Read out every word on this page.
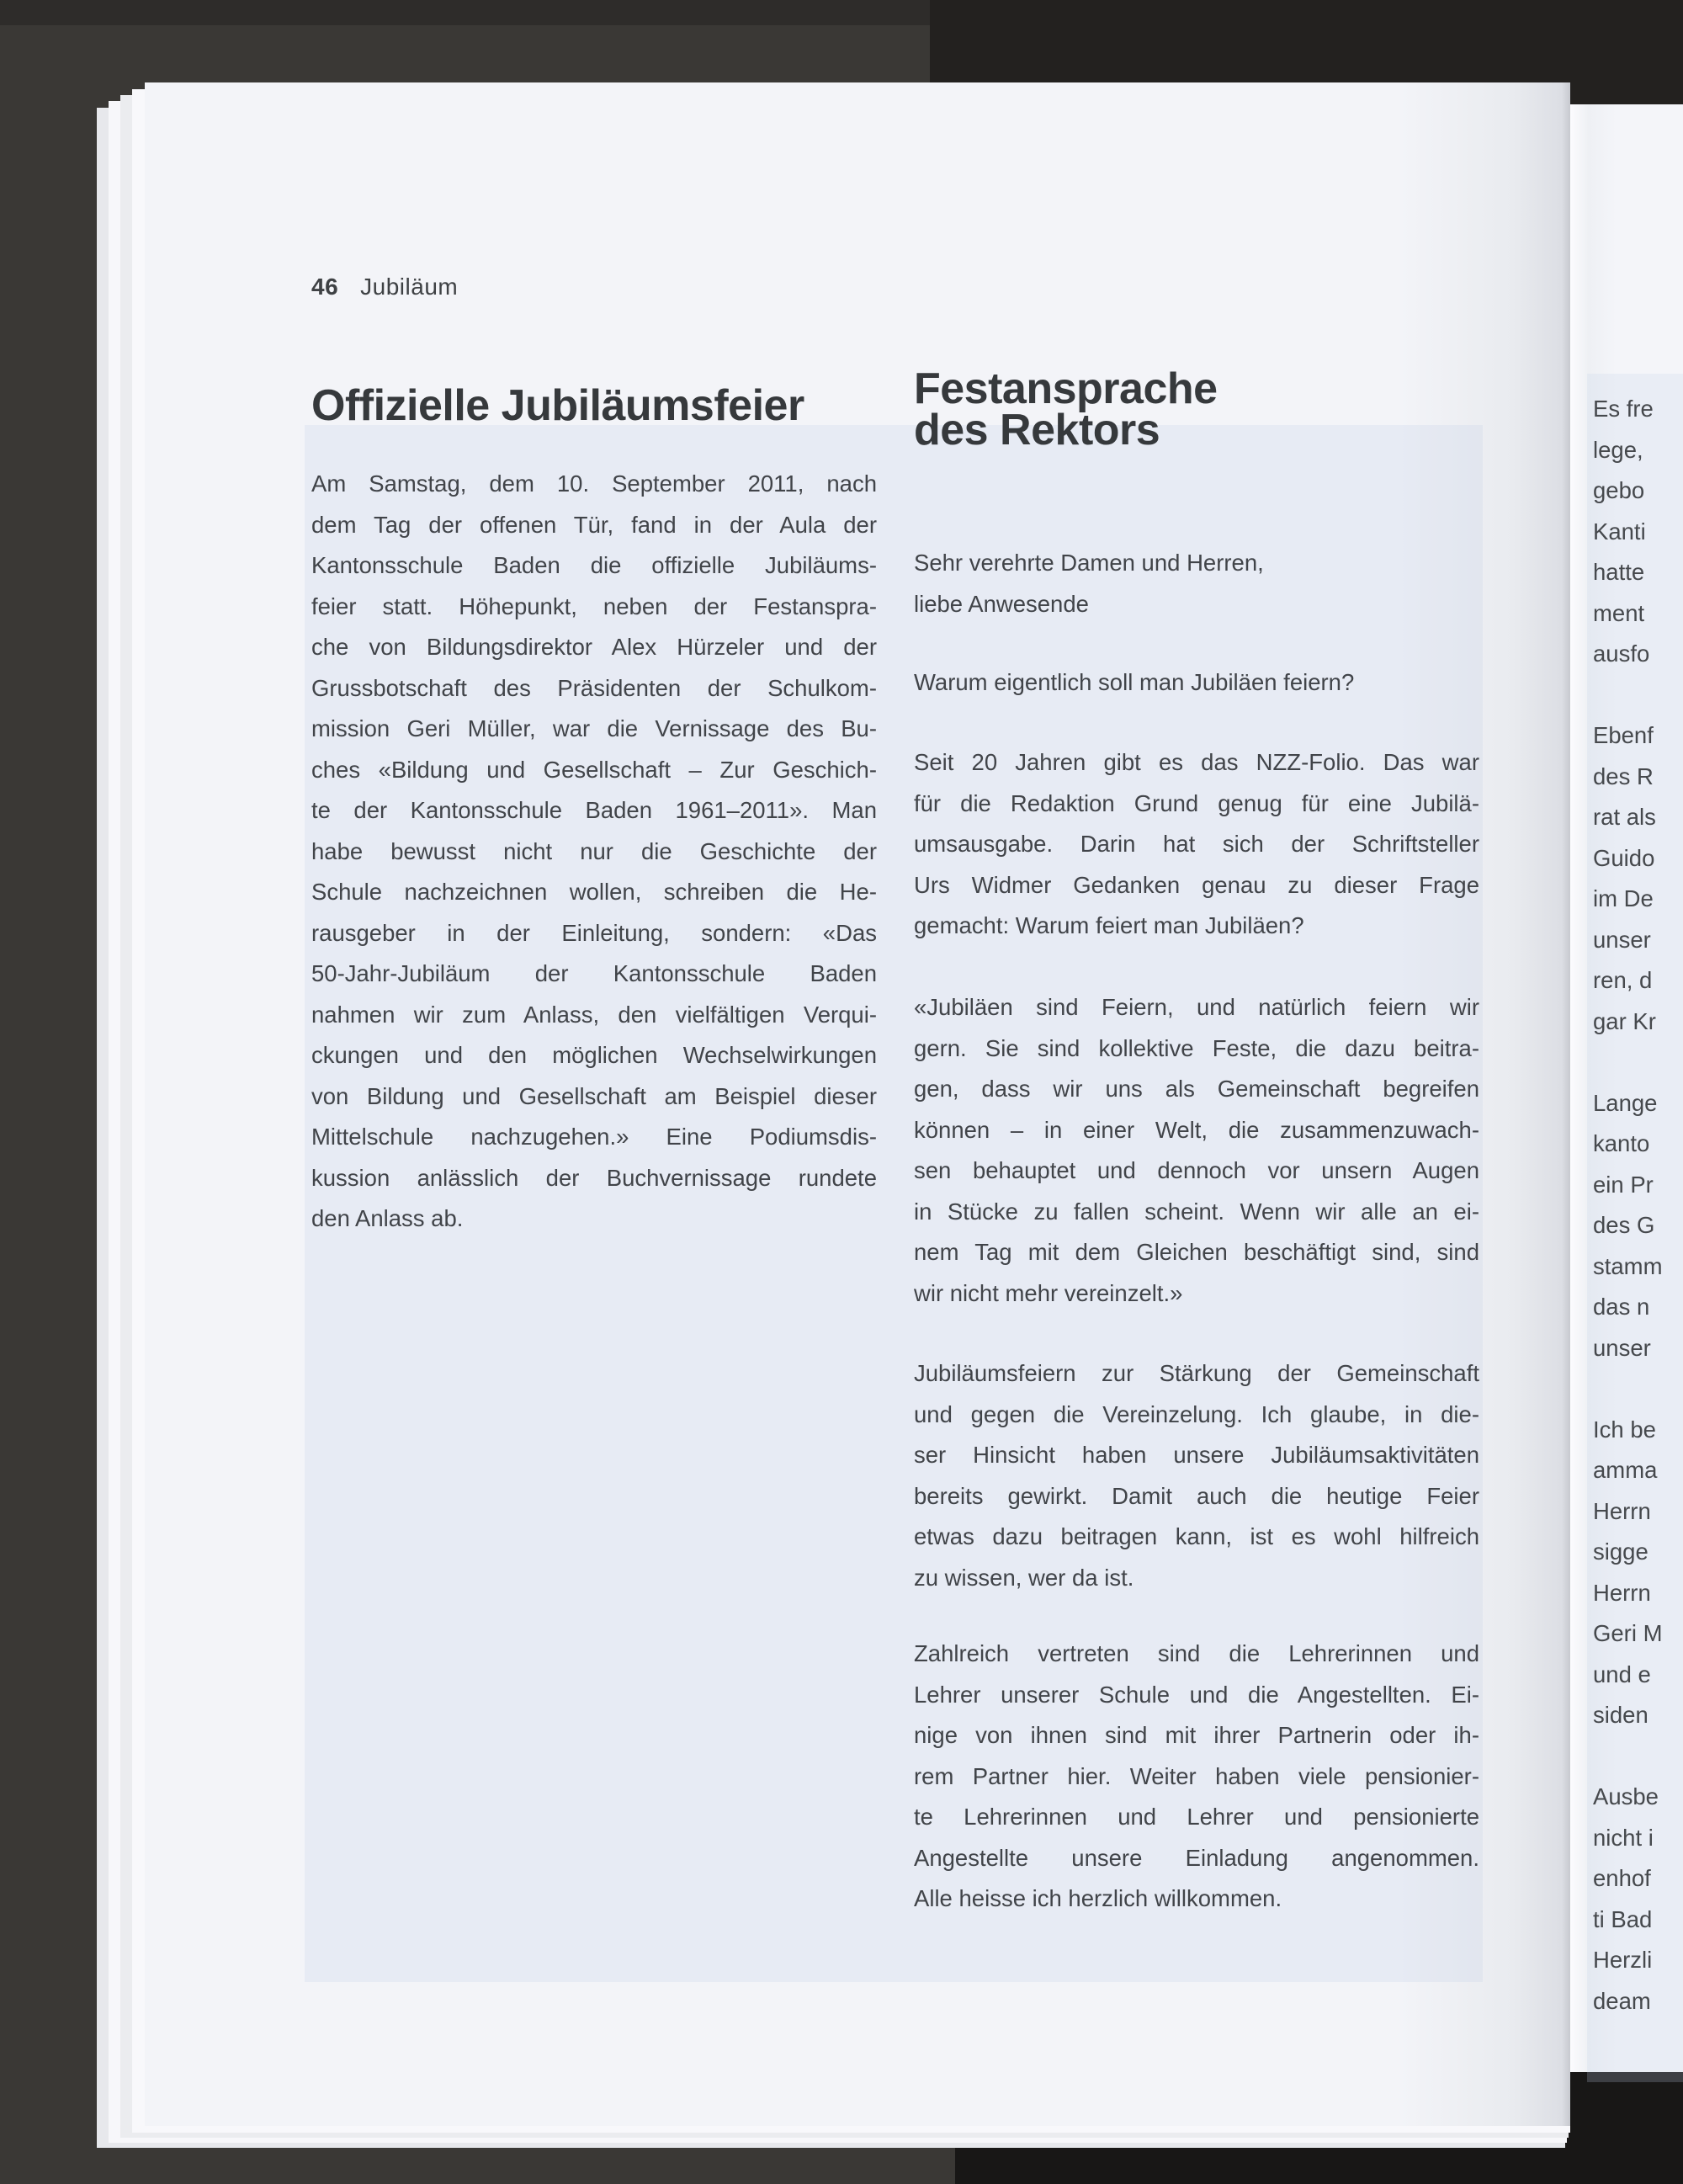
Es fre
lege,
gebo
Kanti
hatte
ment
ausfo
Ebenf
des R
rat als
Guido
im De
unser
ren, d
gar Kr
Lange
kanto
ein Pr
des G
stamm
das n
unser
Ich be
amma
Herrn
sigge
Herrn
Geri M
und e
siden
Ausbe
nicht i
enhof
ti Bad
Herzli
deam
46 Jubiläum
Offizielle Jubiläumsfeier
Am Samstag, dem 10. September 2011, nach
dem Tag der offenen Tür, fand in der Aula der
Kantonsschule Baden die offizielle Jubiläums-
feier statt. Höhepunkt, neben der Festanspra-
che von Bildungsdirektor Alex Hürzeler und der
Grussbotschaft des Präsidenten der Schulkom-
mission Geri Müller, war die Vernissage des Bu-
ches «Bildung und Gesellschaft – Zur Geschich-
te der Kantonsschule Baden 1961–2011». Man
habe bewusst nicht nur die Geschichte der
Schule nachzeichnen wollen, schreiben die He-
rausgeber in der Einleitung, sondern: «Das
50-Jahr-Jubiläum der Kantonsschule Baden
nahmen wir zum Anlass, den vielfältigen Verqui-
ckungen und den möglichen Wechselwirkungen
von Bildung und Gesellschaft am Beispiel dieser
Mittelschule nachzugehen.» Eine Podiumsdis-
kussion anlässlich der Buchvernissage rundete
den Anlass ab.
Festansprache
des Rektors
Sehr verehrte Damen und Herren,
liebe Anwesende
Warum eigentlich soll man Jubiläen feiern?
Seit 20 Jahren gibt es das NZZ-Folio. Das war
für die Redaktion Grund genug für eine Jubilä-
umsausgabe. Darin hat sich der Schriftsteller
Urs Widmer Gedanken genau zu dieser Frage
gemacht: Warum feiert man Jubiläen?
«Jubiläen sind Feiern, und natürlich feiern wir
gern. Sie sind kollektive Feste, die dazu beitra-
gen, dass wir uns als Gemeinschaft begreifen
können – in einer Welt, die zusammenzuwach-
sen behauptet und dennoch vor unsern Augen
in Stücke zu fallen scheint. Wenn wir alle an ei-
nem Tag mit dem Gleichen beschäftigt sind, sind
wir nicht mehr vereinzelt.»
Jubiläumsfeiern zur Stärkung der Gemeinschaft
und gegen die Vereinzelung. Ich glaube, in die-
ser Hinsicht haben unsere Jubiläumsaktivitäten
bereits gewirkt. Damit auch die heutige Feier
etwas dazu beitragen kann, ist es wohl hilfreich
zu wissen, wer da ist.
Zahlreich vertreten sind die Lehrerinnen und
Lehrer unserer Schule und die Angestellten. Ei-
nige von ihnen sind mit ihrer Partnerin oder ih-
rem Partner hier. Weiter haben viele pensionier-
te Lehrerinnen und Lehrer und pensionierte
Angestellte unsere Einladung angenommen.
Alle heisse ich herzlich willkommen.
